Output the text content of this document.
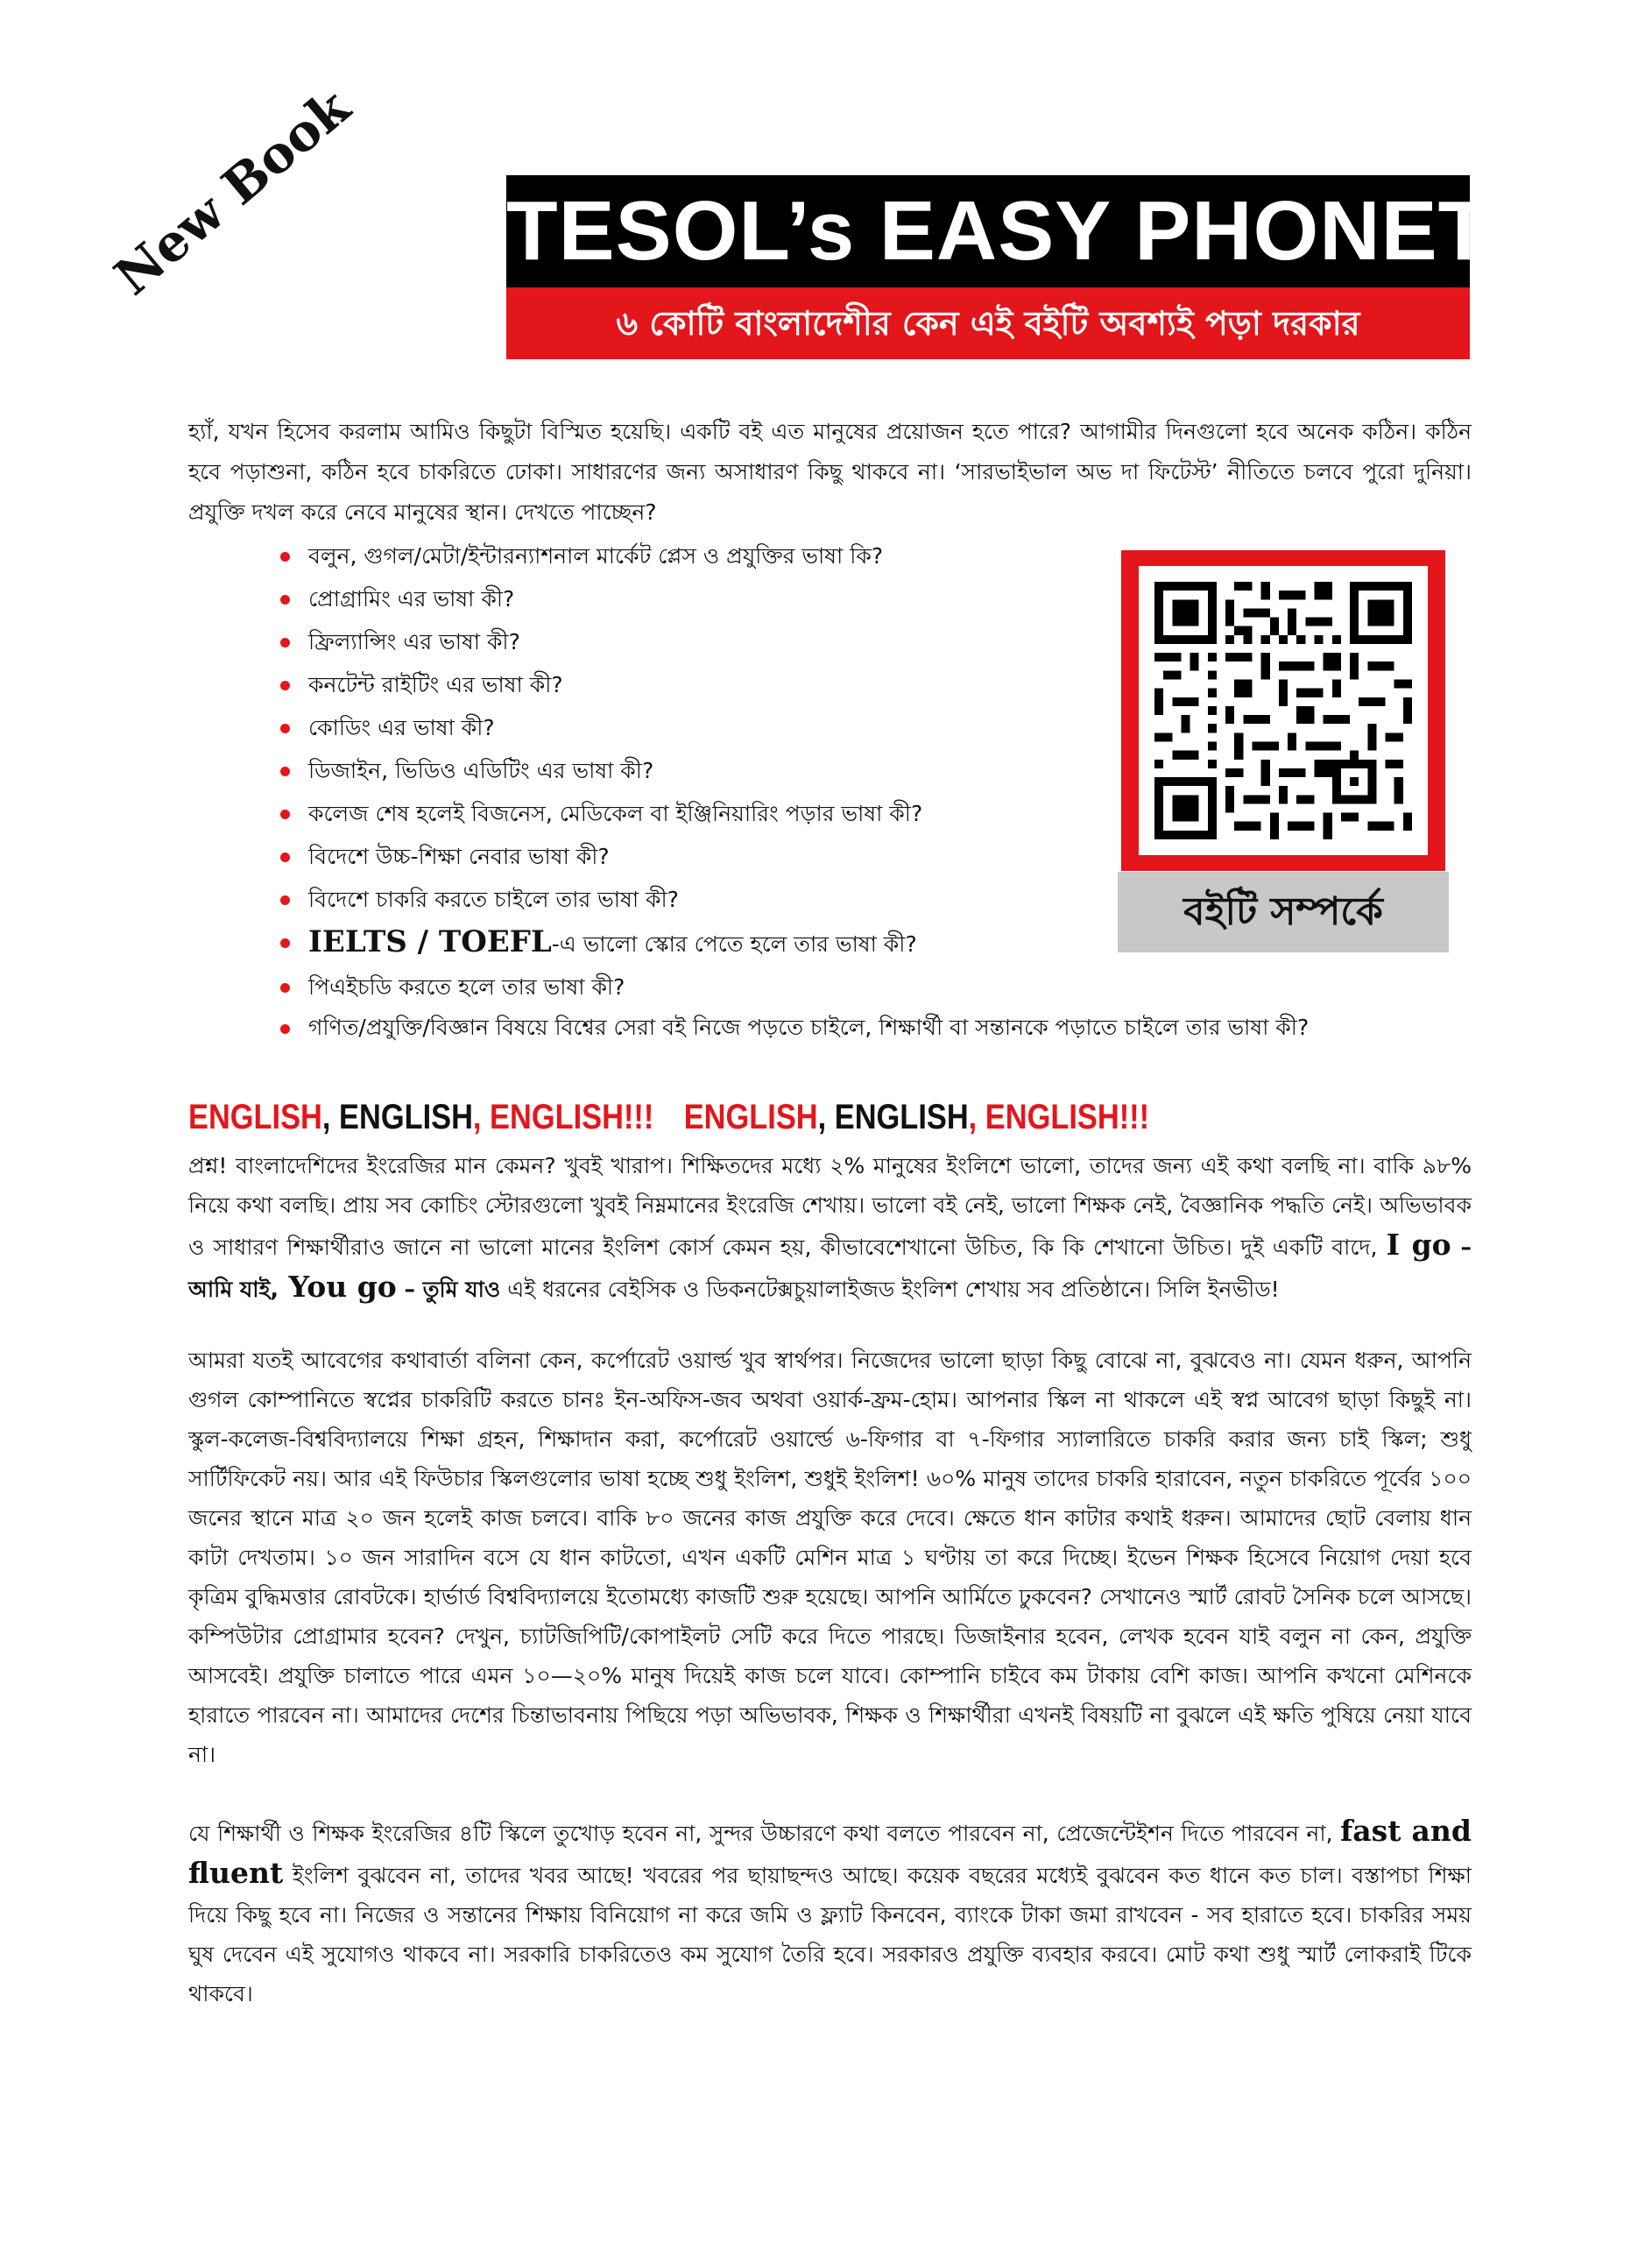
New Book TESOL’s EASY PHONETICS
৬ কোটি বাংলাদেশীর কেন এই বইটি অবশ্যই পড়া দরকার

হ্যাঁ, যখন হিসেব করলাম আমিও কিছুটা বিস্মিত হয়েছি। একটি বই এত মানুষের প্রয়োজন হতে পারে? আগামীর দিনগুলো হবে অনেক কঠিন। কঠিন হবে পড়াশুনা, কঠিন হবে চাকরিতে ঢোকা। সাধারণের জন্য অসাধারণ কিছু থাকবে না। ‘সারভাইভাল অভ দা ফিটেস্ট’ নীতিতে চলবে পুরো দুনিয়া। প্রযুক্তি দখল করে নেবে মানুষের স্থান। দেখতে পাচ্ছেন?

বলুন, গুগল/মেটা/ইন্টারন্যাশনাল মার্কেট প্লেস ও প্রযুক্তির ভাষা কি?
প্রোগ্রামিং এর ভাষা কী?
ফ্রিল্যান্সিং এর ভাষা কী?
কনটেন্ট রাইটিং এর ভাষা কী?
কোডিং এর ভাষা কী?
ডিজাইন, ভিডিও এডিটিং এর ভাষা কী?
কলেজ শেষ হলেই বিজনেস, মেডিকেল বা ইঞ্জিনিয়ারিং পড়ার ভাষা কী?
বিদেশে উচ্চ-শিক্ষা নেবার ভাষা কী?
বিদেশে চাকরি করতে চাইলে তার ভাষা কী?
IELTS / TOEFL-এ ভালো স্কোর পেতে হলে তার ভাষা কী?
পিএইচডি করতে হলে তার ভাষা কী?
গণিত/প্রযুক্তি/বিজ্ঞান বিষয়ে বিশ্বের সেরা বই নিজে পড়তে চাইলে, শিক্ষার্থী বা সন্তানকে পড়াতে চাইলে তার ভাষা কী?
বইটি সম্পর্কে
ENGLISH, ENGLISH, ENGLISH!!! ENGLISH, ENGLISH, ENGLISH!!!

প্রশ্ন! বাংলাদেশিদের ইংরেজির মান কেমন? খুবই খারাপ। শিক্ষিতদের মধ্যে ২% মানুষের ইংলিশে ভালো, তাদের জন্য এই কথা বলছি না। বাকি ৯৮% নিয়ে কথা বলছি। প্রায় সব কোচিং স্টোরগুলো খুবই নিম্নমানের ইংরেজি শেখায়। ভালো বই নেই, ভালো শিক্ষক নেই, বৈজ্ঞানিক পদ্ধতি নেই। অভিভাবক ও সাধারণ শিক্ষার্থীরাও জানে না ভালো মানের ইংলিশ কোর্স কেমন হয়, কীভাবেশেখানো উচিত, কি কি শেখানো উচিত। দুই একটি বাদে, I go – আমি যাই, You go – তুমি যাও এই ধরনের বেইসিক ও ডিকনটেক্সচুয়ালাইজড ইংলিশ শেখায় সব প্রতিষ্ঠানে। সিলি ইনভীড!

আমরা যতই আবেগের কথাবার্তা বলিনা কেন, কর্পোরেট ওয়ার্ল্ড খুব স্বার্থপর। নিজেদের ভালো ছাড়া কিছু বোঝে না, বুঝবেও না। যেমন ধরুন, আপনি গুগল কোম্পানিতে স্বপ্নের চাকরিটি করতে চানঃ ইন-অফিস-জব অথবা ওয়ার্ক-ফ্রম-হোম। আপনার স্কিল না থাকলে এই স্বপ্ন আবেগ ছাড়া কিছুই না। স্কুল-কলেজ-বিশ্ববিদ্যালয়ে শিক্ষা গ্রহন, শিক্ষাদান করা, কর্পোরেট ওয়ার্ল্ডে ৬-ফিগার বা ৭-ফিগার স্যালারিতে চাকরি করার জন্য চাই স্কিল; শুধু সার্টিফিকেট নয়। আর এই ফিউচার স্কিলগুলোর ভাষা হচ্ছে শুধু ইংলিশ, শুধুই ইংলিশ! ৬০% মানুষ তাদের চাকরি হারাবেন, নতুন চাকরিতে পূর্বের ১০০ জনের স্থানে মাত্র ২০ জন হলেই কাজ চলবে। বাকি ৮০ জনের কাজ প্রযুক্তি করে দেবে। ক্ষেতে ধান কাটার কথাই ধরুন। আমাদের ছোট বেলায় ধান কাটা দেখতাম। ১০ জন সারাদিন বসে যে ধান কাটতো, এখন একটি মেশিন মাত্র ১ ঘণ্টায় তা করে দিচ্ছে। ইভেন শিক্ষক হিসেবে নিয়োগ দেয়া হবে কৃত্রিম বুদ্ধিমত্তার রোবটকে। হার্ভার্ড বিশ্ববিদ্যালয়ে ইতোমধ্যে কাজটি শুরু হয়েছে। আপনি আর্মিতে ঢুকবেন? সেখানেও স্মার্ট রোবট সৈনিক চলে আসছে। কম্পিউটার প্রোগ্রামার হবেন? দেখুন, চ্যাটজিপিটি/কোপাইলট সেটি করে দিতে পারছে। ডিজাইনার হবেন, লেখক হবেন যাই বলুন না কেন, প্রযুক্তি আসবেই। প্রযুক্তি চালাতে পারে এমন ১০—২০% মানুষ দিয়েই কাজ চলে যাবে। কোম্পানি চাইবে কম টাকায় বেশি কাজ। আপনি কখনো মেশিনকে হারাতে পারবেন না। আমাদের দেশের চিন্তাভাবনায় পিছিয়ে পড়া অভিভাবক, শিক্ষক ও শিক্ষার্থীরা এখনই বিষয়টি না বুঝলে এই ক্ষতি পুষিয়ে নেয়া যাবে না।

যে শিক্ষার্থী ও শিক্ষক ইংরেজির ৪টি স্কিলে তুখোড় হবেন না, সুন্দর উচ্চারণে কথা বলতে পারবেন না, প্রেজেন্টেইশন দিতে পারবেন না, fast and fluent ইংলিশ বুঝবেন না, তাদের খবর আছে! খবরের পর ছায়াছন্দও আছে। কয়েক বছরের মধ্যেই বুঝবেন কত ধানে কত চাল। বস্তাপচা শিক্ষা দিয়ে কিছু হবে না। নিজের ও সন্তানের শিক্ষায় বিনিয়োগ না করে জমি ও ফ্ল্যাট কিনবেন, ব্যাংকে টাকা জমা রাখবেন - সব হারাতে হবে। চাকরির সময় ঘুষ দেবেন এই সুযোগও থাকবে না। সরকারি চাকরিতেও কম সুযোগ তৈরি হবে। সরকারও প্রযুক্তি ব্যবহার করবে। মোট কথা শুধু স্মার্ট লোকরাই টিকে থাকবে।
